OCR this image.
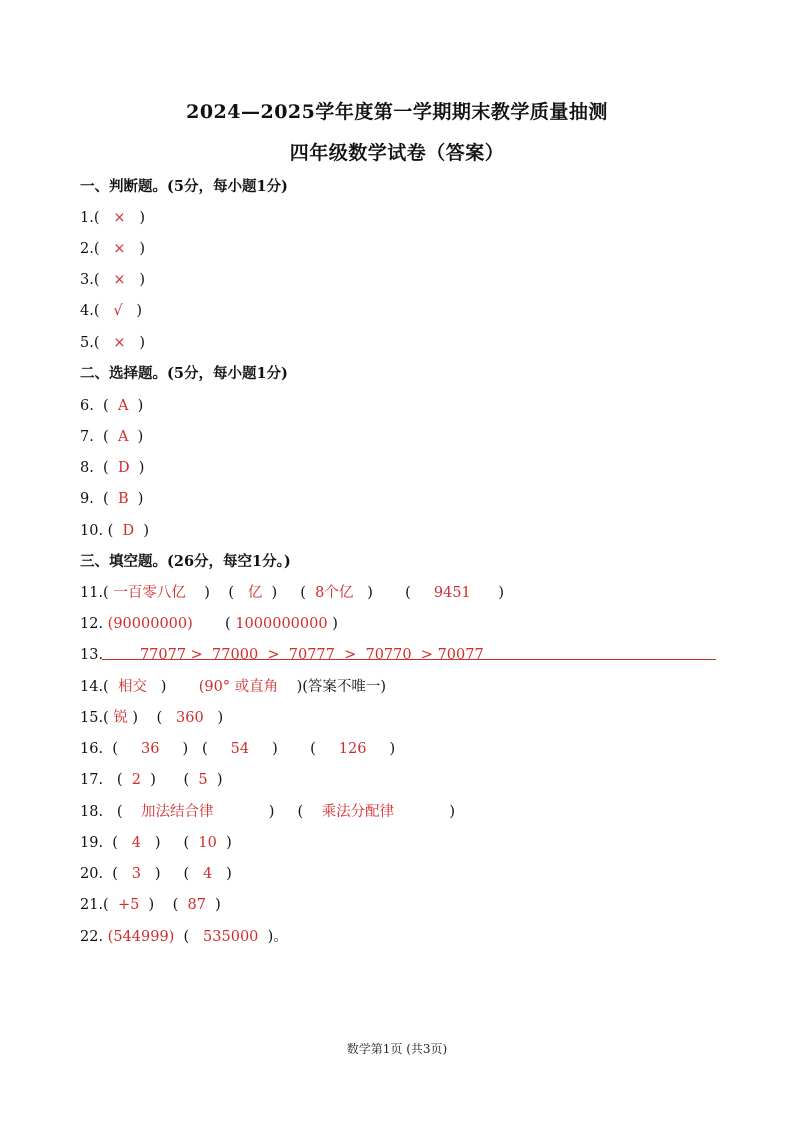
2024—2025学年度第一学期期末教学质量抽测
四年级数学试卷（答案）
一、判断题。(5分，每小题1分)
1.( × )
2.( × )
3.( × )
4.( √ )
5.( × )
二、选择题。(5分，每小题1分)
6.  (  A  )
7.  (  A  )
8.  (  D  )
9.  (  B  )
10. (  D  )
三、填空题。(26分，每空1分。)
11.( 一百零八亿    )    (   亿  )     (  8个亿   )       (     9451      )
12. (90000000)       ( 1000000000 )
13.	77077 >  77000  >  70777  >  70770  > 70077
14.( 相交   )       (90° 或直角 )(答案不唯一)
15.( 锐 )    (   360   )
16.  (     36     )   (     54     )       (     126     )
17.   (  2  )      (  5  )
18.   (    加法结合律            )     (    乘法分配律            )
19.  (   4   )     (  10  )
20.  (   3   )     (   4   )
21.( +5  )    (  87  )
22. (544999)  (   535000 )。
数学第1页 (共3页)
